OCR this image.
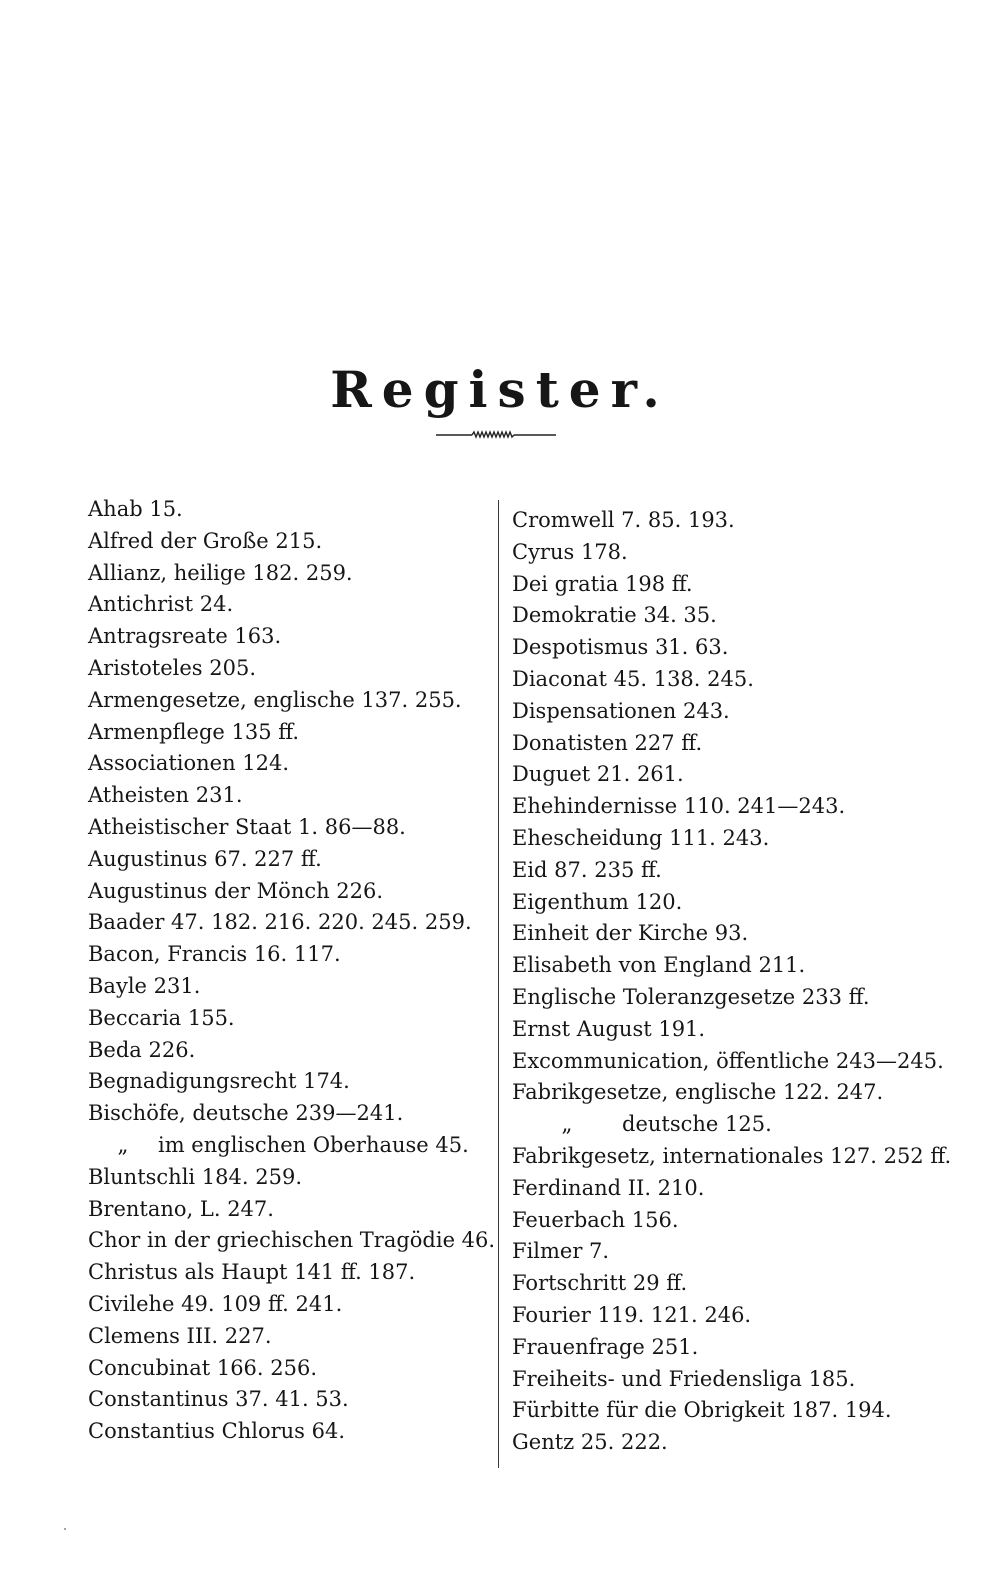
Register.
Ahab 15.
Alfred der Große 215.
Allianz, heilige 182. 259.
Antichrist 24.
Antragsreate 163.
Aristoteles 205.
Armengesetze, englische 137. 255.
Armenpflege 135 ff.
Associationen 124.
Atheisten 231.
Atheistischer Staat 1. 86—88.
Augustinus 67. 227 ff.
Augustinus der Mönch 226.
Baader 47. 182. 216. 220. 245. 259.
Bacon, Francis 16. 117.
Bayle 231.
Beccaria 155.
Beda 226.
Begnadigungsrecht 174.
Bischöfe, deutsche 239—241.
„ im englischen Oberhause 45.
Bluntschli 184. 259.
Brentano, L. 247.
Chor in der griechischen Tragödie 46.
Christus als Haupt 141 ff. 187.
Civilehe 49. 109 ff. 241.
Clemens III. 227.
Concubinat 166. 256.
Constantinus 37. 41. 53.
Constantius Chlorus 64.
Cromwell 7. 85. 193.
Cyrus 178.
Dei gratia 198 ff.
Demokratie 34. 35.
Despotismus 31. 63.
Diaconat 45. 138. 245.
Dispensationen 243.
Donatisten 227 ff.
Duguet 21. 261.
Ehehindernisse 110. 241—243.
Ehescheidung 111. 243.
Eid 87. 235 ff.
Eigenthum 120.
Einheit der Kirche 93.
Elisabeth von England 211.
Englische Toleranzgesetze 233 ff.
Ernst August 191.
Excommunication, öffentliche 243—245.
Fabrikgesetze, englische 122. 247.
„ deutsche 125.
Fabrikgesetz, internationales 127. 252 ff.
Ferdinand II. 210.
Feuerbach 156.
Filmer 7.
Fortschritt 29 ff.
Fourier 119. 121. 246.
Frauenfrage 251.
Freiheits- und Friedensliga 185.
Fürbitte für die Obrigkeit 187. 194.
Gentz 25. 222.
